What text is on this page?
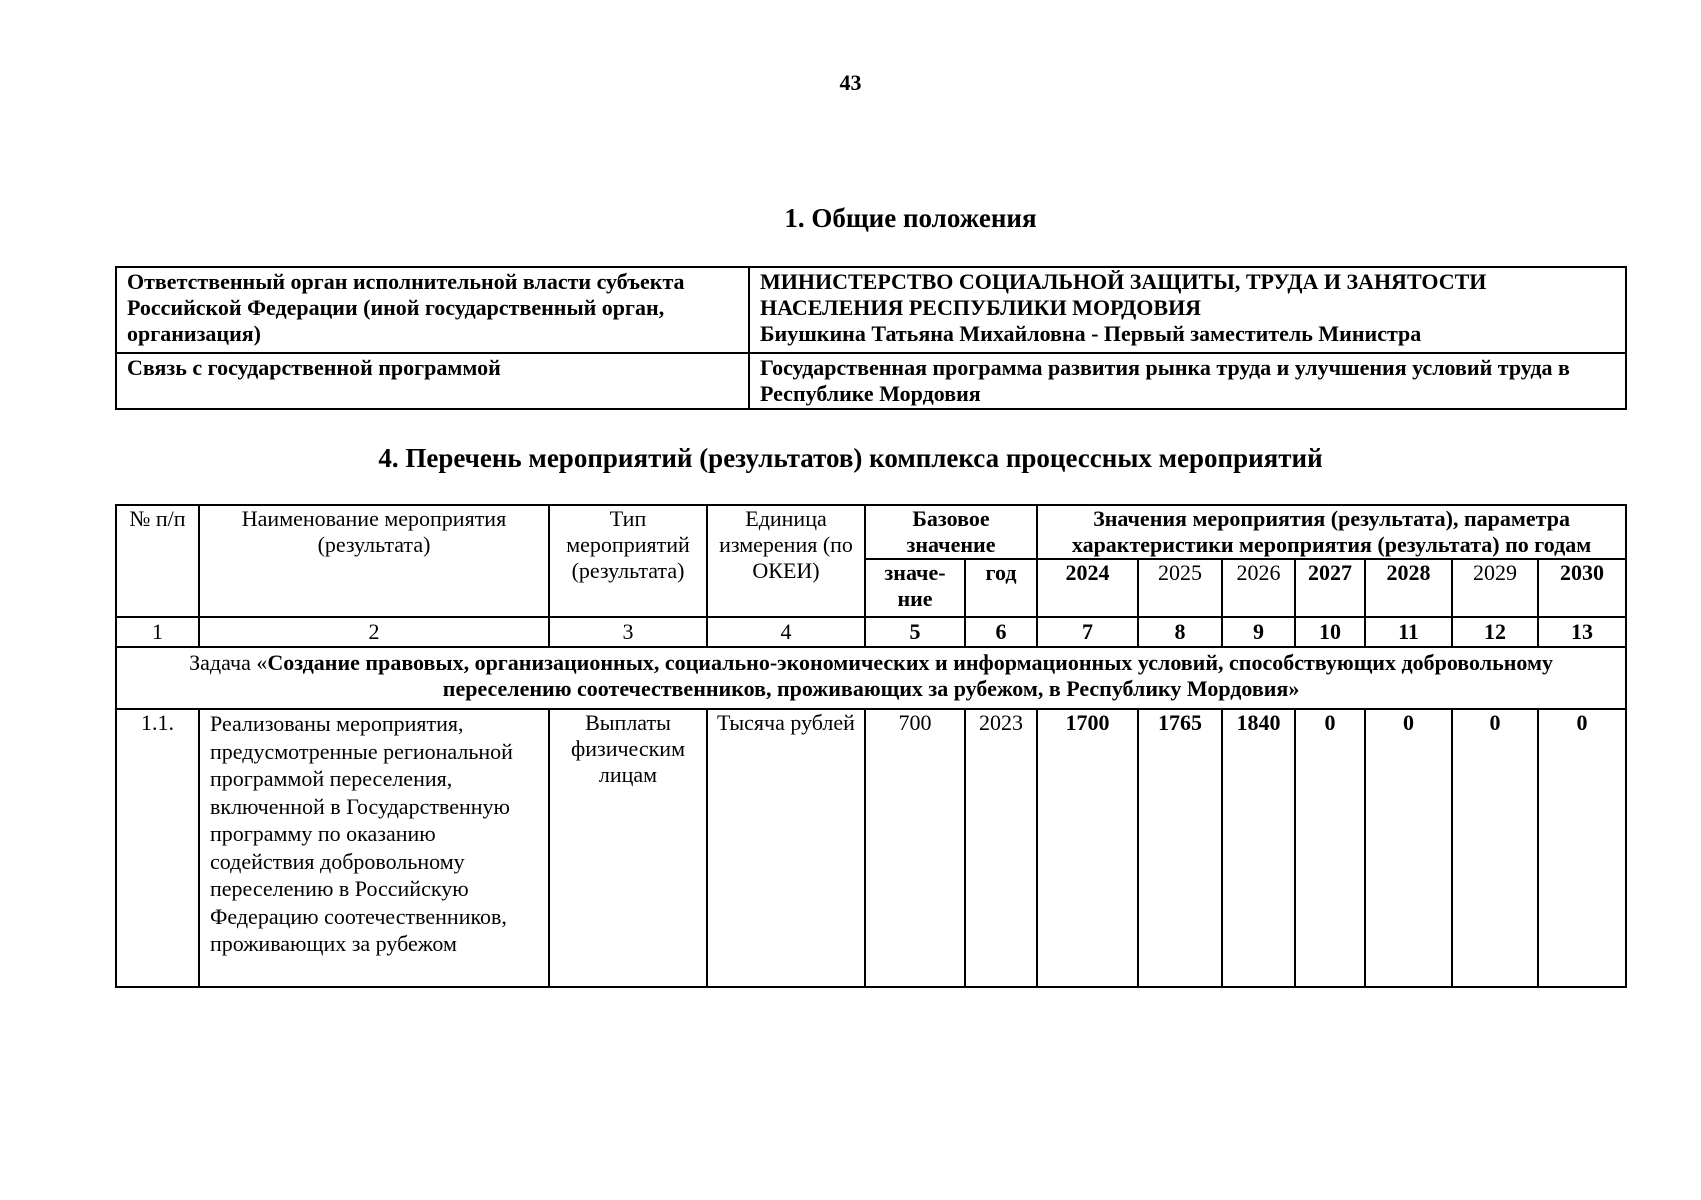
43
1. Общие положения
Ответственный орган исполнительной власти субъекта Российской Федерации (иной государственный орган, организация)	МИНИСТЕРСТВО СОЦИАЛЬНОЙ ЗАЩИТЫ, ТРУДА И ЗАНЯТОСТИ НАСЕЛЕНИЯ РЕСПУБЛИКИ МОРДОВИЯ
Биушкина Татьяна Михайловна - Первый заместитель Министра

Связь с государственной программой	Государственная программа развития рынка труда и улучшения условий труда в Республике Мордовия
4. Перечень мероприятий (результатов) комплекса процессных мероприятий
№ п/п	Наименование мероприятия (результата)	Тип мероприятий (результата)	Единица измерения (по ОКЕИ)	Базовое значение		Значения мероприятия (результата), параметра характеристики мероприятия (результата) по годам						
				значе-ние	год	2024	2025	2026	2027	2028	2029	2030
1	2	3	4	5	6	7	8	9	10	11	12	13
Задача «Создание правовых, организационных, социально-экономических и информационных условий, способствующих добровольному переселению соотечественников, проживающих за рубежом, в Республику Мордовия»												
1.1.	Реализованы мероприятия, предусмотренные региональной программой переселения, включенной в Государственную программу по оказанию содействия добровольному переселению в Российскую Федерацию соотечественников, проживающих за рубежом	Выплаты физическим лицам	Тысяча рублей	700	2023	1700	1765	1840	0	0	0	0
